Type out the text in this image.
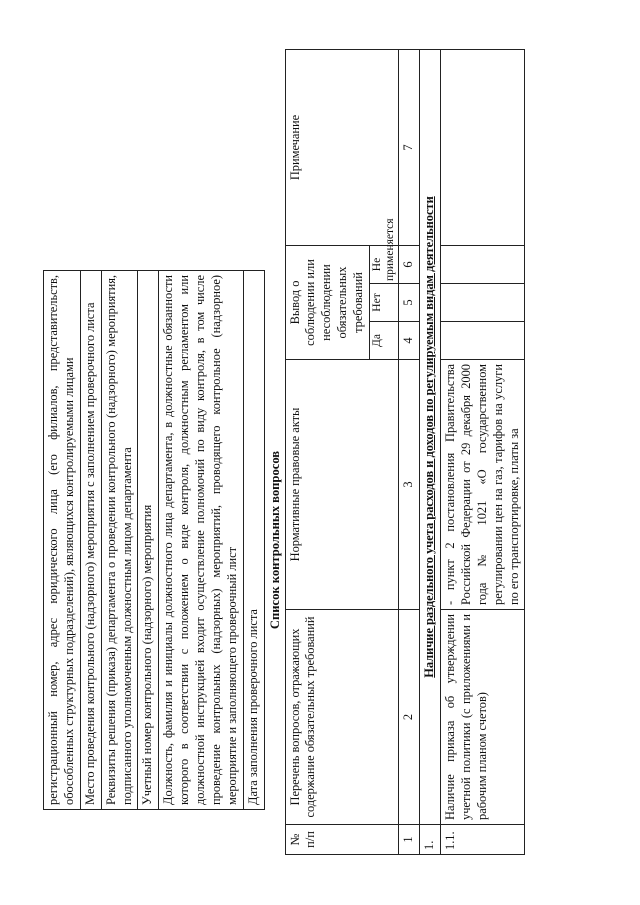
регистрационный номер, адрес юридического лица (его филиалов, представительств, обособленных структурных подразделений), являющихся контролируемыми лицами
Место проведения контрольного (надзорного) мероприятия с заполнением проверочного листа
Реквизиты решения (приказа) департамента о проведении контрольного (надзорного) мероприятия, подписанного уполномоченным должностным лицом департамента
Учетный номер контрольного (надзорного) мероприятия
Должность, фамилия и инициалы должностного лица департамента, в должностные обязанности которого в соответствии с положением о виде контроля, должностным регламентом или должностной инструкцией входит осуществление полномочий по виду контроля, в том числе проведение контрольных (надзорных) мероприятий, проводящего контрольное (надзорное) мероприятие и заполняющего проверочный лист
Дата заполнения проверочного листа
Список контрольных вопросов
№ п/п	Перечень вопросов, отражающих содержание обязательных требований	Нормативные правовые акты	Вывод о соблюдении или несоблюдении обязательных требований			Примечание
			Да	Нет	Не применяется	
1	2	3	4	5	6	7
1.	Наличие раздельного учета расходов и доходов по регулируемым видам деятельности					
1.1.	Наличие приказа об утверждении учетной политики (с приложениями и рабочим планом счетов)	- пункт 2 постановления Правительства Российской Федерации от 29 декабря 2000 года № 1021 «О государственном регулировании цен на газ, тарифов на услуги по его транспортировке, платы за				
